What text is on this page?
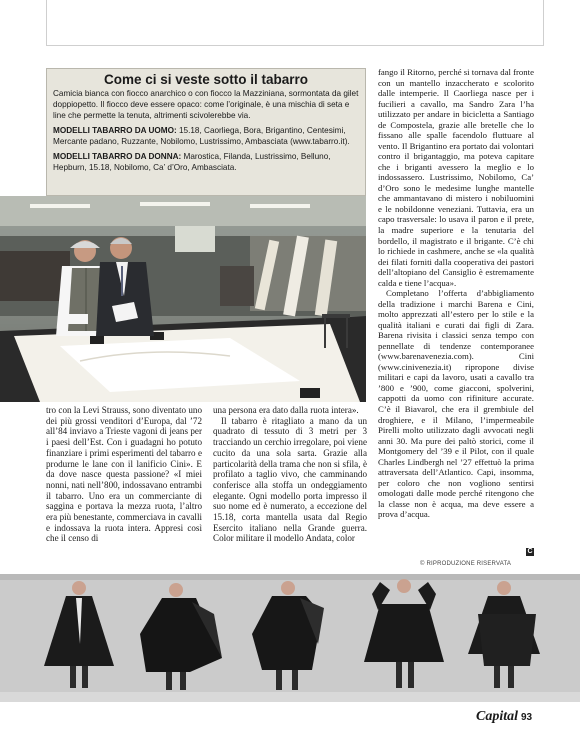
Come ci si veste sotto il tabarro

Camicia bianca con fiocco anarchico o con fiocco la Mazziniana, sormontata da gilet doppiopetto. Il fiocco deve essere opaco: come l’originale, è una mischia di seta e line che permette la tenuta, altrimenti scivolerebbe via.

MODELLI TABARRO DA UOMO: 15.18, Caorliega, Bora, Brigantino, Centesimi, Mercante padano, Ruzzante, Nobilomo, Lustrissimo, Ambasciata (www.tabarro.it).

MODELLI TABARRO DA DONNA: Marostica, Filanda, Lustrissimo, Belluno, Hepburn, 15.18, Nobilomo, Ca’ d’Oro, Ambasciata.

tro con la Levi Strauss, sono diventato uno dei più grossi venditori d’Europa, dal ’72 all’84 inviavo a Trieste vagoni di jeans per i paesi dell’Est. Con i guadagni ho potuto finanziare i primi esperimenti del tabarro e produrne le lane con il lanificio Cini». E da dove nasce questa passione? «I miei nonni, nati nell’800, indossavano entrambi il tabarro. Uno era un commerciante di saggina e portava la mezza ruota, l’altro era più benestante, commerciava in cavalli e indossava la ruota intera. Appresi così che il censo di

una persona era dato dalla ruota intera».

Il tabarro è ritagliato a mano da un quadrato di tessuto di 3 metri per 3 tracciando un cerchio irregolare, poi viene cucito da una sola sarta. Grazie alla particolarità della trama che non si sfila, è profilato a taglio vivo, che camminando conferisce alla stoffa un ondeggiamento elegante. Ogni modello porta impresso il suo nome ed è numerato, a eccezione del 15.18, corta mantella usata dal Regio Esercito italiano nella Grande guerra. Color militare il modello Andata, color

fango il Ritorno, perché si tornava dal fronte con un mantello inzaccherato e scolorito dalle intemperie. Il Caorliega nasce per i fucilieri a cavallo, ma Sandro Zara l’ha utilizzato per andare in bicicletta a Santiago de Compostela, grazie alle bretelle che lo fissano alle spalle facendolo fluttuare al vento. Il Brigantino era portato dai volontari contro il brigantaggio, ma poteva capitare che i briganti avessero la meglio e lo indossassero. Lustrissimo, Nobilomo, Ca’ d’Oro sono le medesime lunghe mantelle che ammantavano di mistero i nobiluomini e le nobildonne veneziani. Tuttavia, era un capo trasversale: lo usava il paron e il prete, la madre superiore e la tenutaria del bordello, il magistrato e il brigante. C’è chi lo richiede in cashmere, anche se «la qualità dei filati forniti dalla cooperativa dei pastori dell’altopiano del Cansiglio è estremamente calda e tiene l’acqua».

Completano l’offerta d’abbigliamento della tradizione i marchi Barena e Cini, molto apprezzati all’estero per lo stile e la qualità italiani e curati dai figli di Zara. Barena rivisita i classici senza tempo con pennellate di tendenze contemporanee (www.barenavenezia.com). Cini (www.cinivenezia.it) ripropone divise militari e capi da lavoro, usati a cavallo tra ’800 e ’900, come giacconi, spolverini, cappotti da uomo con rifiniture accurate. C’è il Biavarol, che era il grembiule del droghiere, e il Milano, l’impermeabile Pirelli molto utilizzato dagli avvocati negli anni 30. Ma pure dei paltò storici, come il Montgomery del ’39 e il Pilot, con il quale Charles Lindbergh nel ’27 effettuò la prima attraversata dell’Atlantico. Capi, insomma, per coloro che non vogliono sentirsi omologati dalle mode perché ritengono che la classe non è acqua, ma deve essere a prova d’acqua.

C
© RIPRODUZIONE RISERVATA
Capital 93
